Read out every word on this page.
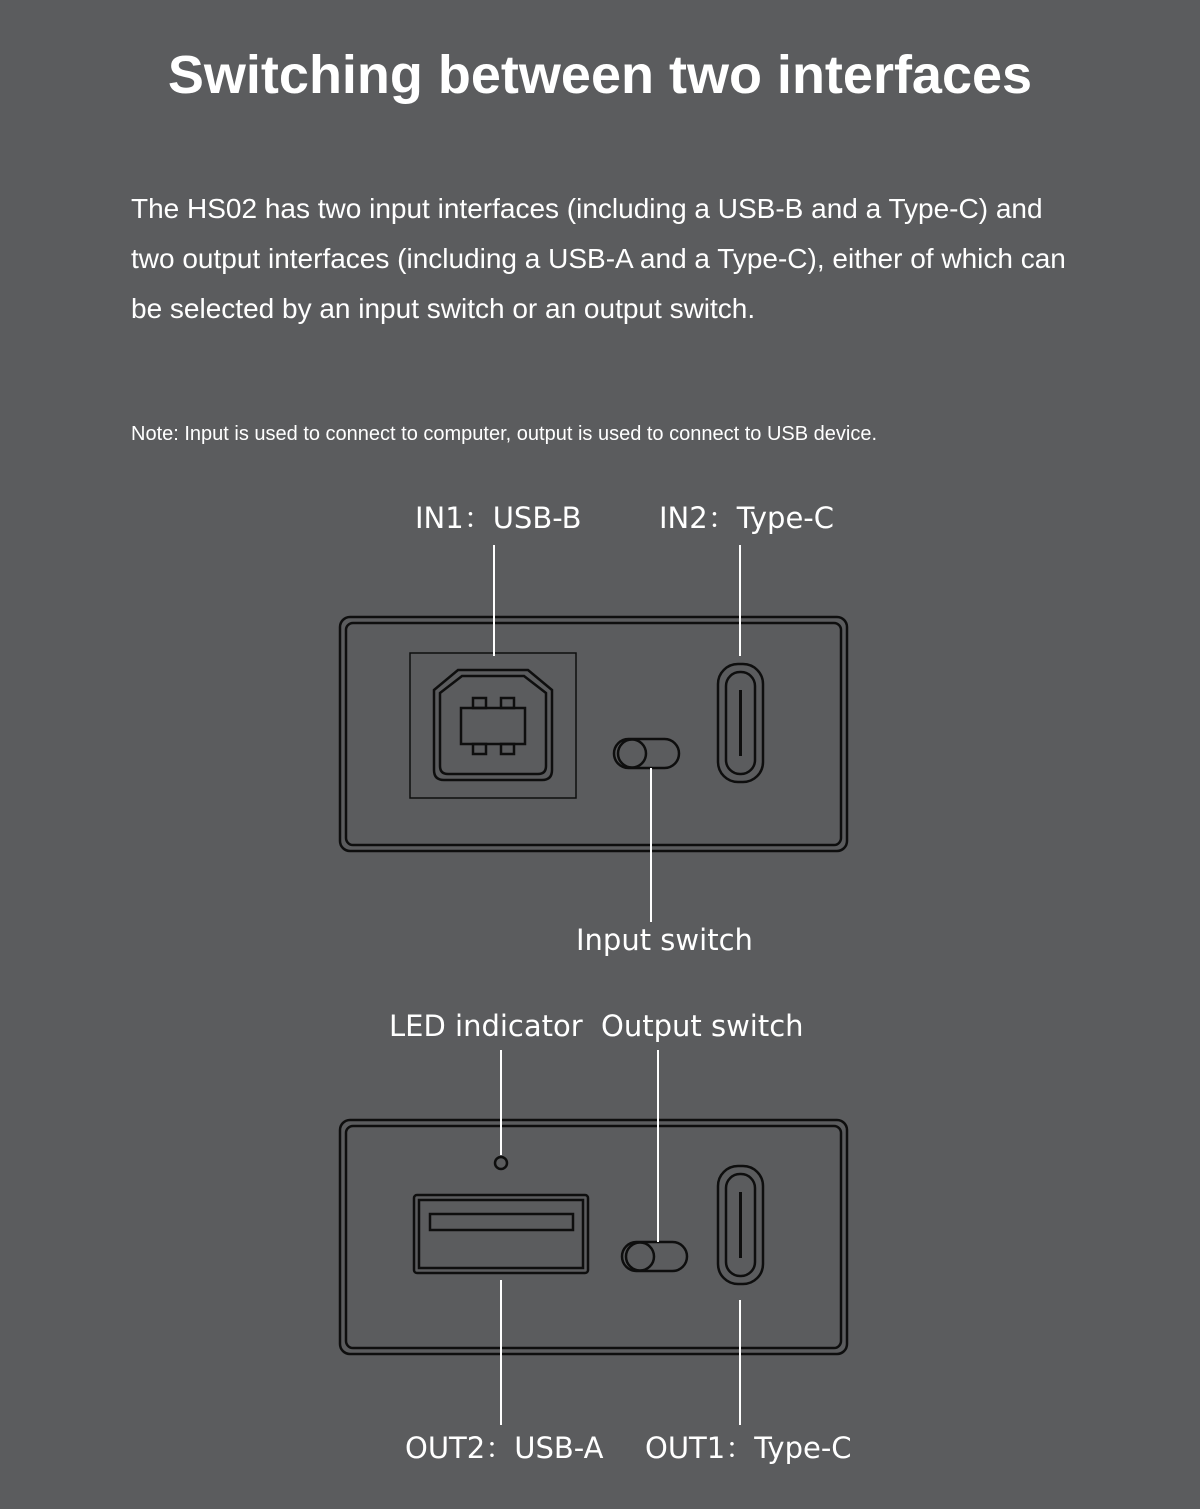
Switching between two interfaces
The HS02 has two input interfaces (including a USB-B and a Type-C) and two output interfaces (including a USB-A and a Type-C), either of which can be selected by an input switch or an output switch.
Note: Input is used to connect to computer, output is used to connect to USB device.
IN1：USB-B	IN2：Type-C
Input switch
LED indicator Output switch
OUT2：USB-A OUT1：Type-C
